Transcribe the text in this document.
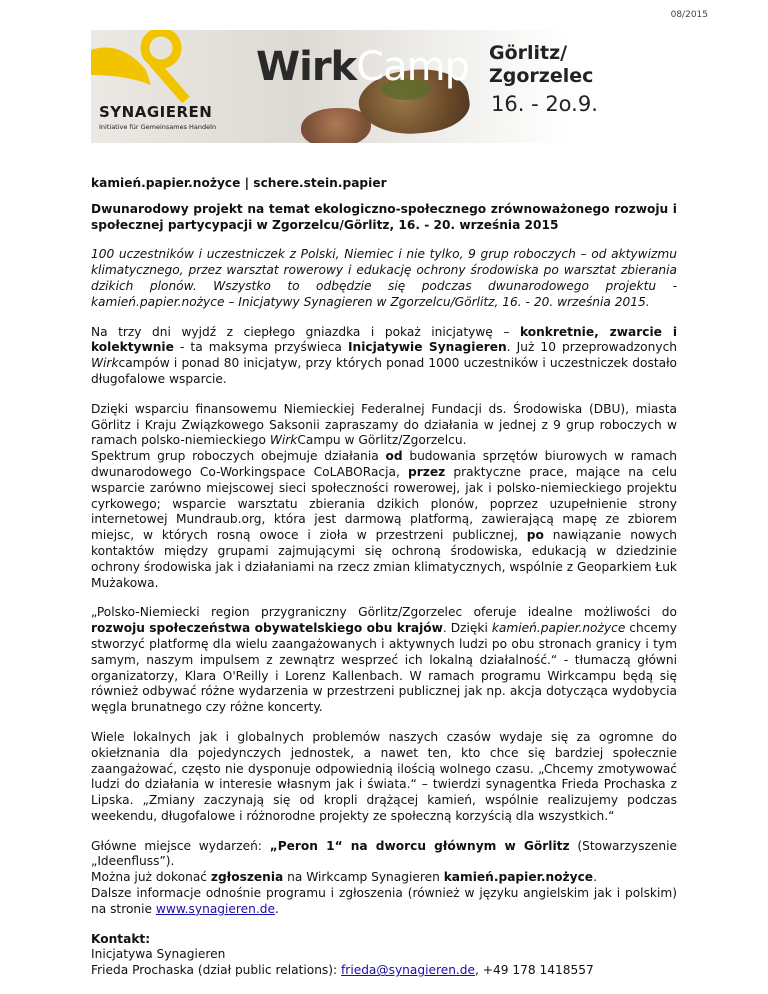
08/2015
WirkCamp Görlitz/
Zgorzelec
16. - 2o.9.
SYNAGIEREN
Initiative für Gemeinsames Handeln

kamień.papier.nożyce | schere.stein.papier

Dwunarodowy projekt na temat ekologiczno-społecznego zrównoważonego rozwoju i społecznej partycypacji w Zgorzelcu/Görlitz, 16. - 20. września 2015

100 uczestników i uczestniczek z Polski, Niemiec i nie tylko, 9 grup roboczych – od aktywizmu klimatycznego, przez warsztat rowerowy i edukację ochrony środowiska po warsztat zbierania dzikich plonów. Wszystko to odbędzie się podczas dwunarodowego projektu - kamień.papier.nożyce – Inicjatywy Synagieren w Zgorzelcu/Görlitz, 16. - 20. września 2015.

Na trzy dni wyjdź z ciepłego gniazdka i pokaż inicjatywę – konkretnie, zwarcie i kolektywnie - ta maksyma przyświeca Inicjatywie Synagieren. Już 10 przeprowadzonych Wirkcampów i ponad 80 inicjatyw, przy których ponad 1000 uczestników i uczestniczek dostało długofalowe wsparcie.

Dzięki wsparciu finansowemu Niemieckiej Federalnej Fundacji ds. Środowiska (DBU), miasta Görlitz i Kraju Związkowego Saksonii zapraszamy do działania w jednej z 9 grup roboczych w ramach polsko-niemieckiego WirkCampu w Görlitz/Zgorzelcu.

Spektrum grup roboczych obejmuje działania od budowania sprzętów biurowych w ramach dwunarodowego Co-Workingspace CoLABORacja, przez praktyczne prace, mające na celu wsparcie zarówno miejscowej sieci społeczności rowerowej, jak i polsko-niemieckiego projektu cyrkowego; wsparcie warsztatu zbierania dzikich plonów, poprzez uzupełnienie strony internetowej Mundraub.org, która jest darmową platformą, zawierającą mapę ze zbiorem miejsc, w których rosną owoce i zioła w przestrzeni publicznej, po nawiązanie nowych kontaktów między grupami zajmującymi się ochroną środowiska, edukacją w dziedzinie ochrony środowiska jak i działaniami na rzecz zmian klimatycznych, wspólnie z Geoparkiem Łuk Mużakowa.

„Polsko-Niemiecki region przygraniczny Görlitz/Zgorzelec oferuje idealne możliwości do rozwoju społeczeństwa obywatelskiego obu krajów. Dzięki kamień.papier.nożyce chcemy stworzyć platformę dla wielu zaangażowanych i aktywnych ludzi po obu stronach granicy i tym samym, naszym impulsem z zewnątrz wesprzeć ich lokalną działalność.“ - tłumaczą główni organizatorzy, Klara O'Reilly i Lorenz Kallenbach. W ramach programu Wirkcampu będą się również odbywać różne wydarzenia w przestrzeni publicznej jak np. akcja dotycząca wydobycia węgla brunatnego czy różne koncerty.

Wiele lokalnych jak i globalnych problemów naszych czasów wydaje się za ogromne do okiełznania dla pojedynczych jednostek, a nawet ten, kto chce się bardziej społecznie zaangażować, często nie dysponuje odpowiednią ilością wolnego czasu. „Chcemy zmotywować ludzi do działania w interesie własnym jak i świata.“ – twierdzi synagentka Frieda Prochaska z Lipska. „Zmiany zaczynają się od kropli drążącej kamień, wspólnie realizujemy podczas weekendu, długofalowe i różnorodne projekty ze społeczną korzyścią dla wszystkich.“

Główne miejsce wydarzeń: „Peron 1“ na dworcu głównym w Görlitz (Stowarzyszenie „Ideenfluss”).

Można już dokonać zgłoszenia na Wirkcamp Synagieren kamień.papier.nożyce.

Dalsze informacje odnośnie programu i zgłoszenia (również w języku angielskim jak i polskim) na stronie www.synagieren.de.

Kontakt:

Inicjatywa Synagieren

Frieda Prochaska (dział public relations): frieda@synagieren.de, +49 178 1418557
